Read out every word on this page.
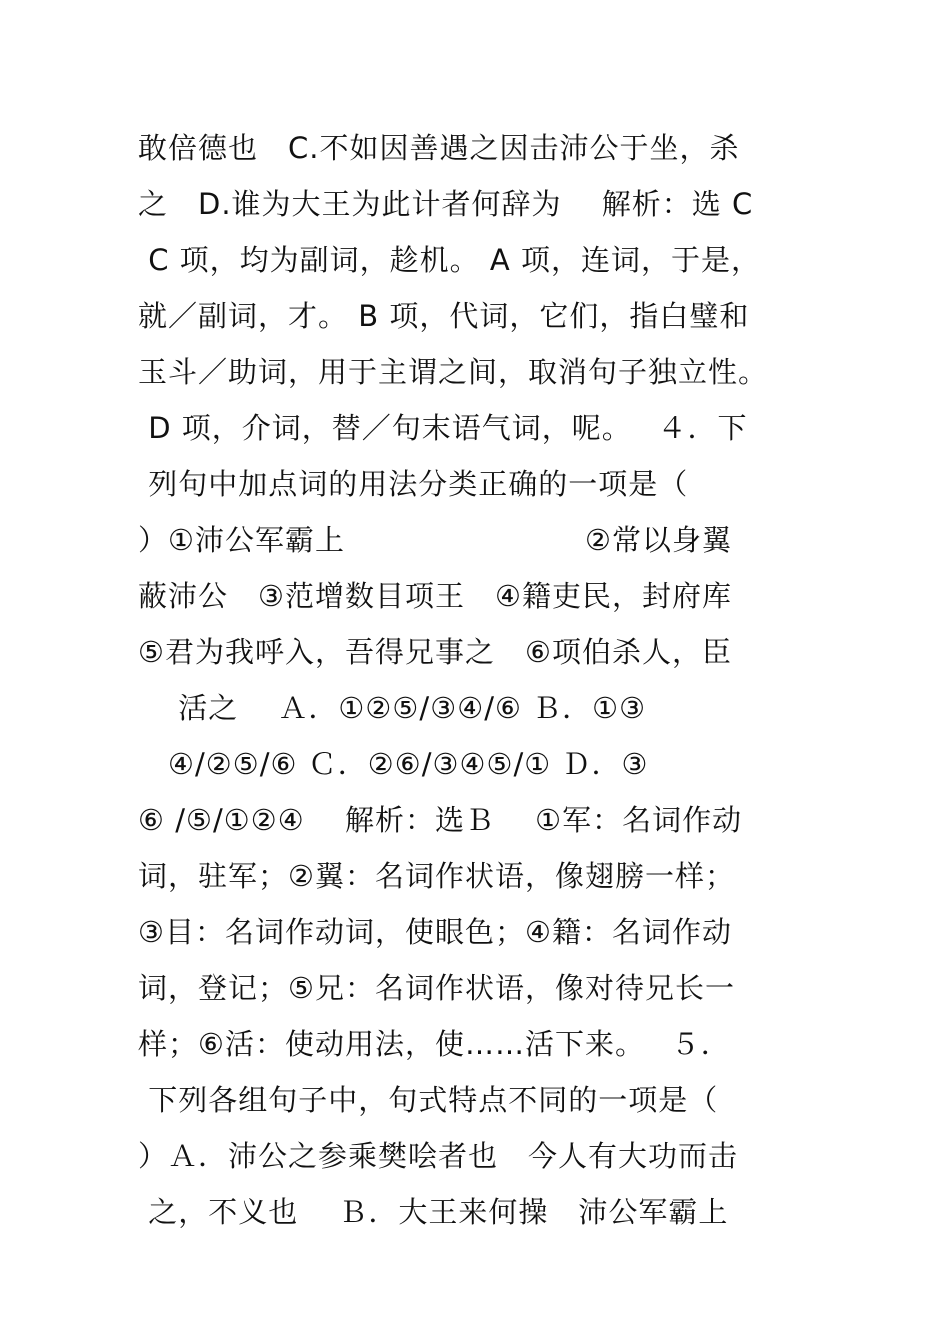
敢倍德也　C.不如因善遇之因击沛公于坐，杀
之　D.谁为大王为此计者何辞为　 解析：选 C
C 项，均为副词，趁机。 A 项，连词，于是，
就／副词，才。 B 项，代词，它们，指白璧和
玉斗／助词，用于主谓之间，取消句子独立性。
D 项，介词，替／句末语气词，呢。　 ４．下
列句中加点词的用法分类正确的一项是（
）①沛公军霸上　　　　　　　　②常以身翼
蔽沛公　③范增数目项王　④籍吏民，封府库
⑤君为我呼入，吾得兄事之　⑥项伯杀人，臣
　 活之　 Ａ．①②⑤/③④/⑥ Ｂ．①③
　④/②⑤/⑥ Ｃ．②⑥/③④⑤/① Ｄ．③
⑥ /⑤/①②④　 解析：选Ｂ　 ①军：名词作动
词，驻军；②翼：名词作状语，像翅膀一样；
③目：名词作动词，使眼色；④籍：名词作动
词，登记；⑤兄：名词作状语，像对待兄长一
样；⑥活：使动用法，使……活下来。　 ５．
下列各组句子中，句式特点不同的一项是（
）Ａ．沛公之参乘樊哙者也　今人有大功而击
之，不义也　 Ｂ．大王来何操　沛公军霸上
